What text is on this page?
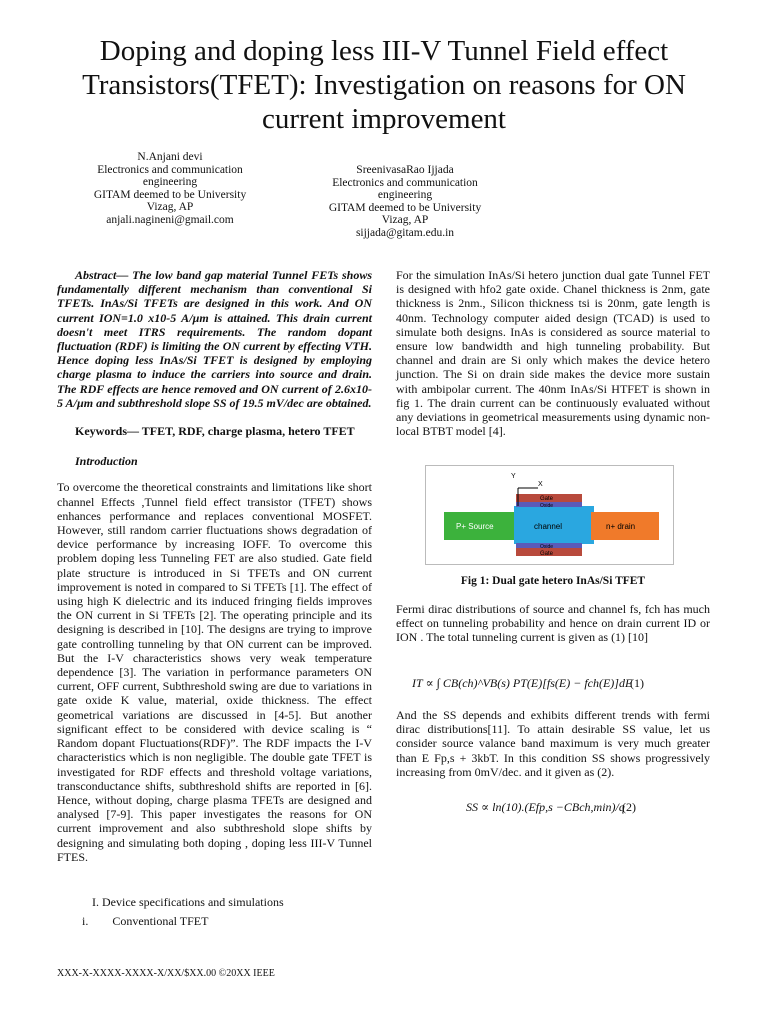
Doping and doping less III-V Tunnel Field effect
Transistors(TFET): Investigation on reasons for ON
current improvement
N.Anjani devi
Electronics and communication
engineering
GITAM deemed to be University
Vizag, AP
anjali.nagineni@gmail.com
SreenivasaRao Ijjada
Electronics and communication
engineering
GITAM deemed to be University
Vizag, AP
sijjada@gitam.edu.in

Abstract— The low band gap material Tunnel FETs shows fundamentally different mechanism than conventional Si TFETs. InAs/Si TFETs are designed in this work. And ON current ION=1.0 x10-5 A/µm is attained. This drain current doesn't meet ITRS requirements. The random dopant fluctuation (RDF) is limiting the ON current by effecting VTH. Hence doping less InAs/Si TFET is designed by employing charge plasma to induce the carriers into source and drain. The RDF effects are hence removed and ON current of 2.6x10-5 A/µm and subthreshold slope SS of 19.5 mV/dec are obtained.

Keywords— TFET, RDF, charge plasma, hetero TFET

Introduction

To overcome the theoretical constraints and limitations like short channel Effects ,Tunnel field effect transistor (TFET) shows enhances performance and replaces conventional MOSFET. However, still random carrier fluctuations shows degradation of device performance by increasing IOFF. To overcome this problem doping less Tunneling FET are also studied. Gate field plate structure is introduced in Si TFETs and ON current improvement is noted in compared to Si TFETs [1]. The effect of using high K dielectric and its induced fringing fields improves the ON current in Si TFETs [2]. The operating principle and its designing is described in [10]. The designs are trying to improve gate controlling tunneling by that ON current can be improved. But the I-V characteristics shows very weak temperature dependence [3]. The variation in performance parameters ON current, OFF current, Subthreshold swing are due to variations in gate oxide K value, material, oxide thickness. The effect geometrical variations are discussed in [4-5]. But another significant effect to be considered with device scaling is “ Random dopant Fluctuations(RDF)”. The RDF impacts the I-V characteristics which is non negligible. The double gate TFET is investigated for RDF effects and threshold voltage variations, transconductance shifts, subthreshold shifts are reported in [6]. Hence, without doping, charge plasma TFETs are designed and analysed [7-9]. This paper investigates the reasons for ON current improvement and also subthreshold slope shifts by designing and simulating both doping , doping less III-V Tunnel FTES.

For the simulation InAs/Si hetero junction dual gate Tunnel FET is designed with hfo2 gate oxide. Chanel thickness is 2nm, gate thickness is 2nm., Silicon thickness tsi is 20nm, gate length is 40nm. Technology computer aided design (TCAD) is used to simulate both designs. InAs is considered as source material to ensure low bandwidth and high tunneling probability. But channel and drain are Si only which makes the device hetero junction. The Si on drain side makes the device more sustain with ambipolar current. The 40nm InAs/Si HTFET is shown in fig 1. The drain current can be continuously evaluated without any deviations in geometrical measurements using dynamic non-local BTBT model [4].

Y
X
Gate
Oxide
P+ Source	channel	n+ drain
Oxide
Gate
Fig 1: Dual gate hetero InAs/Si TFET

Fermi dirac distributions of source and channel fs, fch has much effect on tunneling probability and hence on drain current ID or ION . The total tunneling current is given as (1) [10]

IT ∝ ∫ CB(ch)^VB(s) PT(E)[fs(E) − fch(E)]dE
(1)

And the SS depends and exhibits different trends with fermi dirac distributions[11]. To attain desirable SS value, let us consider source valance band maximum is very much greater than E Fp,s + 3kbT. In this condition SS shows progressively increasing from 0mV/dec. and it given as (2).

SS ∝ ln(10).(Efp,s −CBch,min)/q
(2)
I. Device specifications and simulations
i.        Conventional TFET
XXX-X-XXXX-XXXX-X/XX/$XX.00 ©20XX IEEE
